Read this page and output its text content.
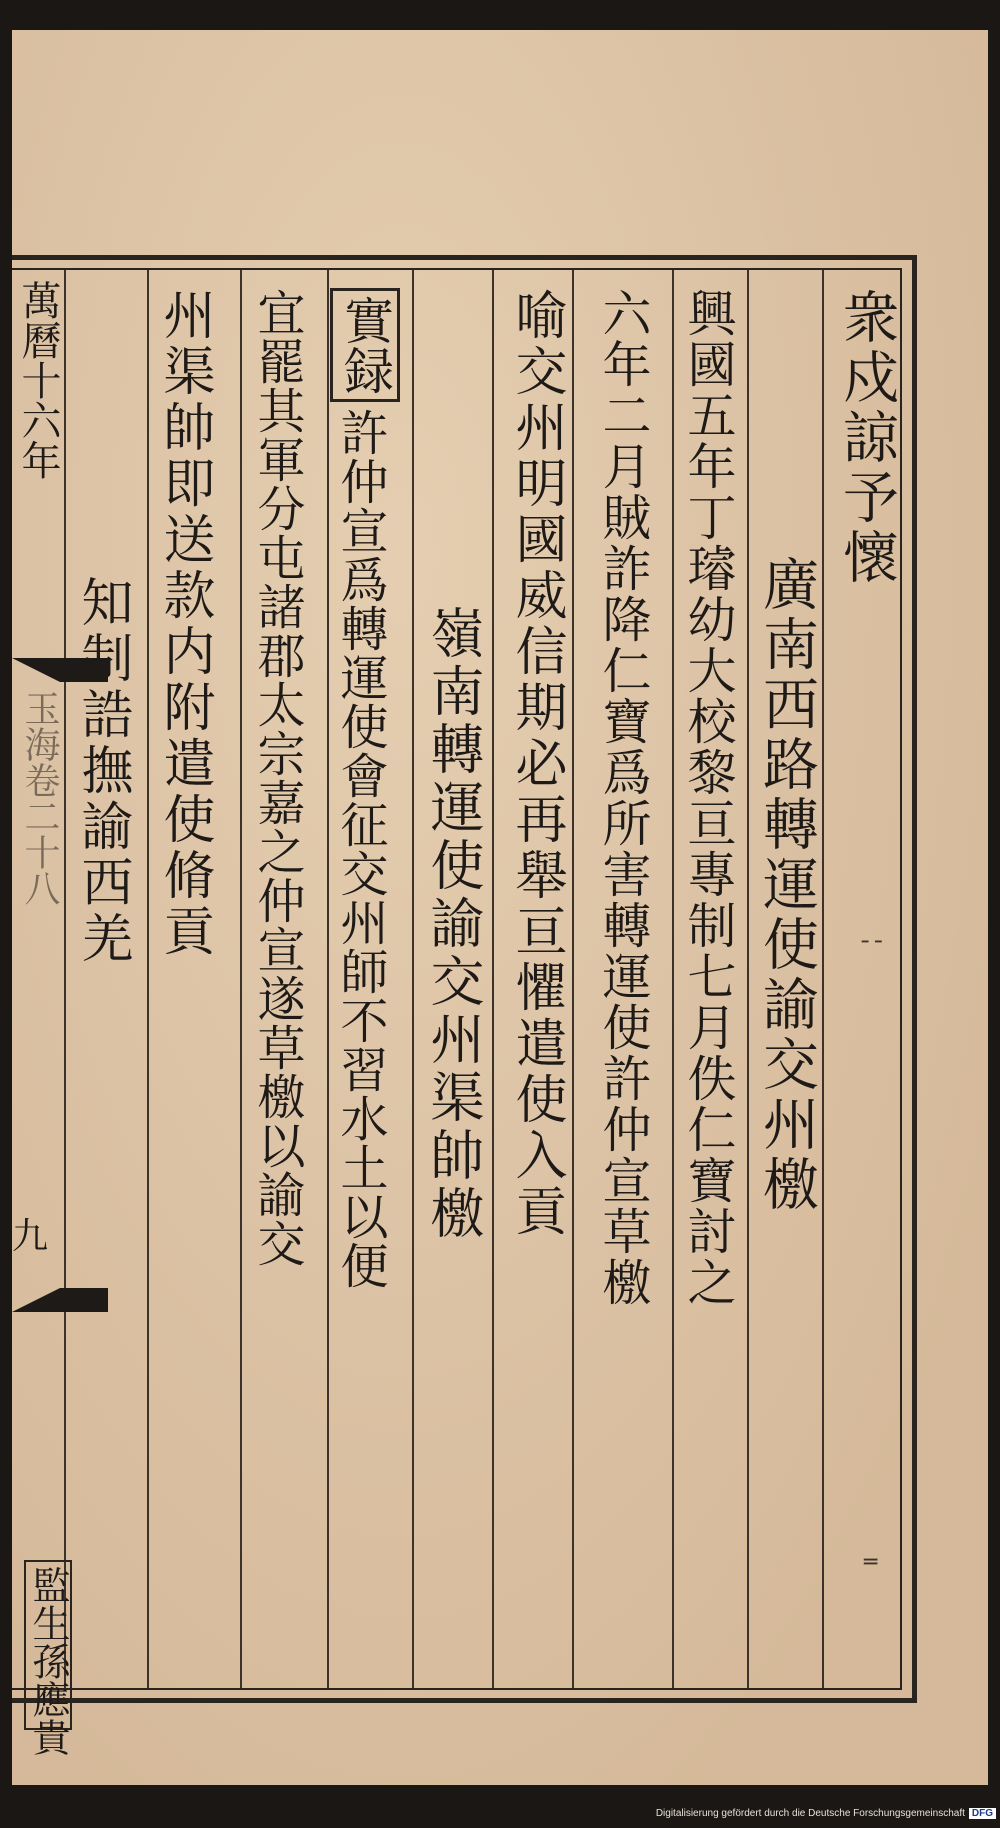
衆戍諒予懷
廣南西路轉運使諭交州檄
興國五年丁璿幼大校黎亘專制七月佚仁寶討之
六年二月賊詐降仁寶爲所害轉運使許仲宣草檄
喻交州明國威信期必再舉亘懼遣使入貢
嶺南轉運使諭交州渠帥檄
實録
許仲宣爲轉運使會征交州師不習水土以便
宜罷其軍分屯諸郡太宗嘉之仲宣遂草檄以諭交
州渠帥即送款内附遣使脩貢
知制誥撫諭西羌
萬曆十六年
玉海卷二十八
九
監生孫應貴
╴╴
═
Digitalisierung gefördert durch die Deutsche Forschungsgemeinschaft DFG
